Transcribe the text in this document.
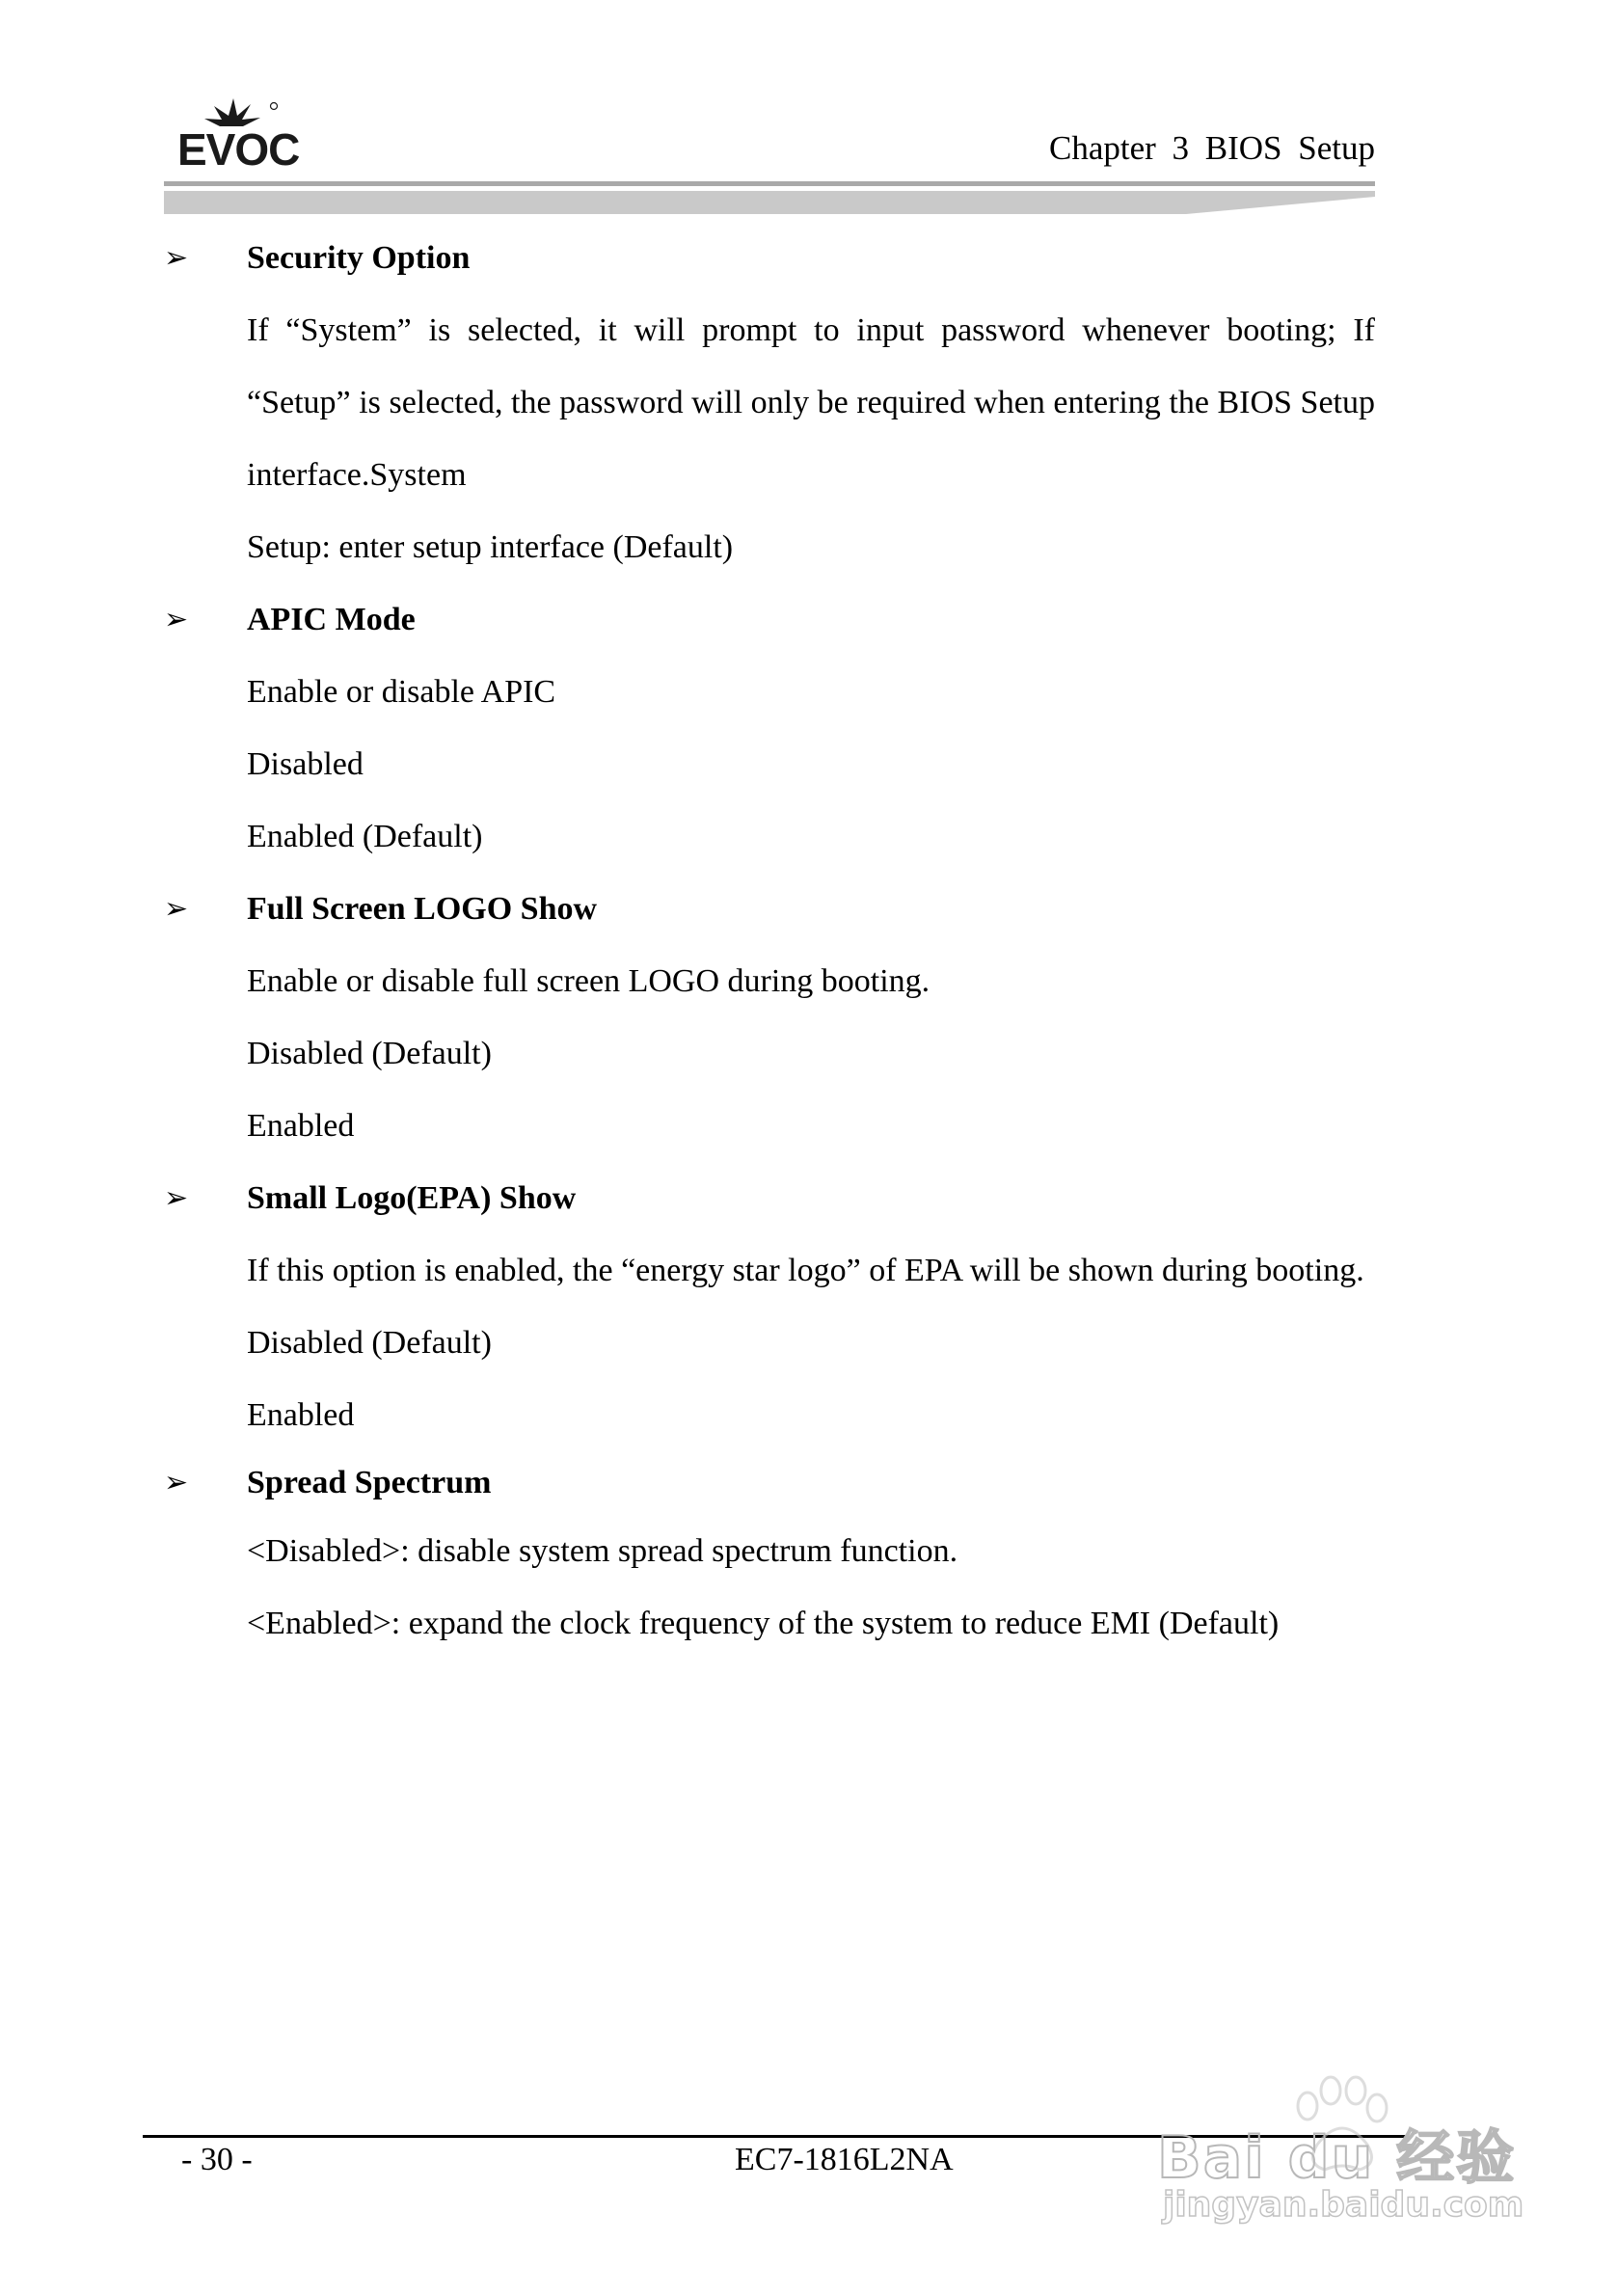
EVOC	Chapter 3 BIOS Setup
➢ Security Option
If “System” is selected, it will prompt to input password whenever booting; If “Setup” is selected, the password will only be required when entering the BIOS Setup interface.System
Setup: enter setup interface (Default)
➢ APIC Mode
Enable or disable APIC
Disabled
Enabled (Default)
➢ Full Screen LOGO Show
Enable or disable full screen LOGO during booting.
Disabled (Default)
Enabled
➢ Small Logo(EPA) Show
If this option is enabled, the “energy star logo” of EPA will be shown during booting.
Disabled (Default)
Enabled
➢ Spread Spectrum
<Disabled>: disable system spread spectrum function.
<Enabled>: expand the clock frequency of the system to reduce EMI (Default)
- 30 -	EC7-1816L2NA	Bai du 经验
jingyan.baidu.com
